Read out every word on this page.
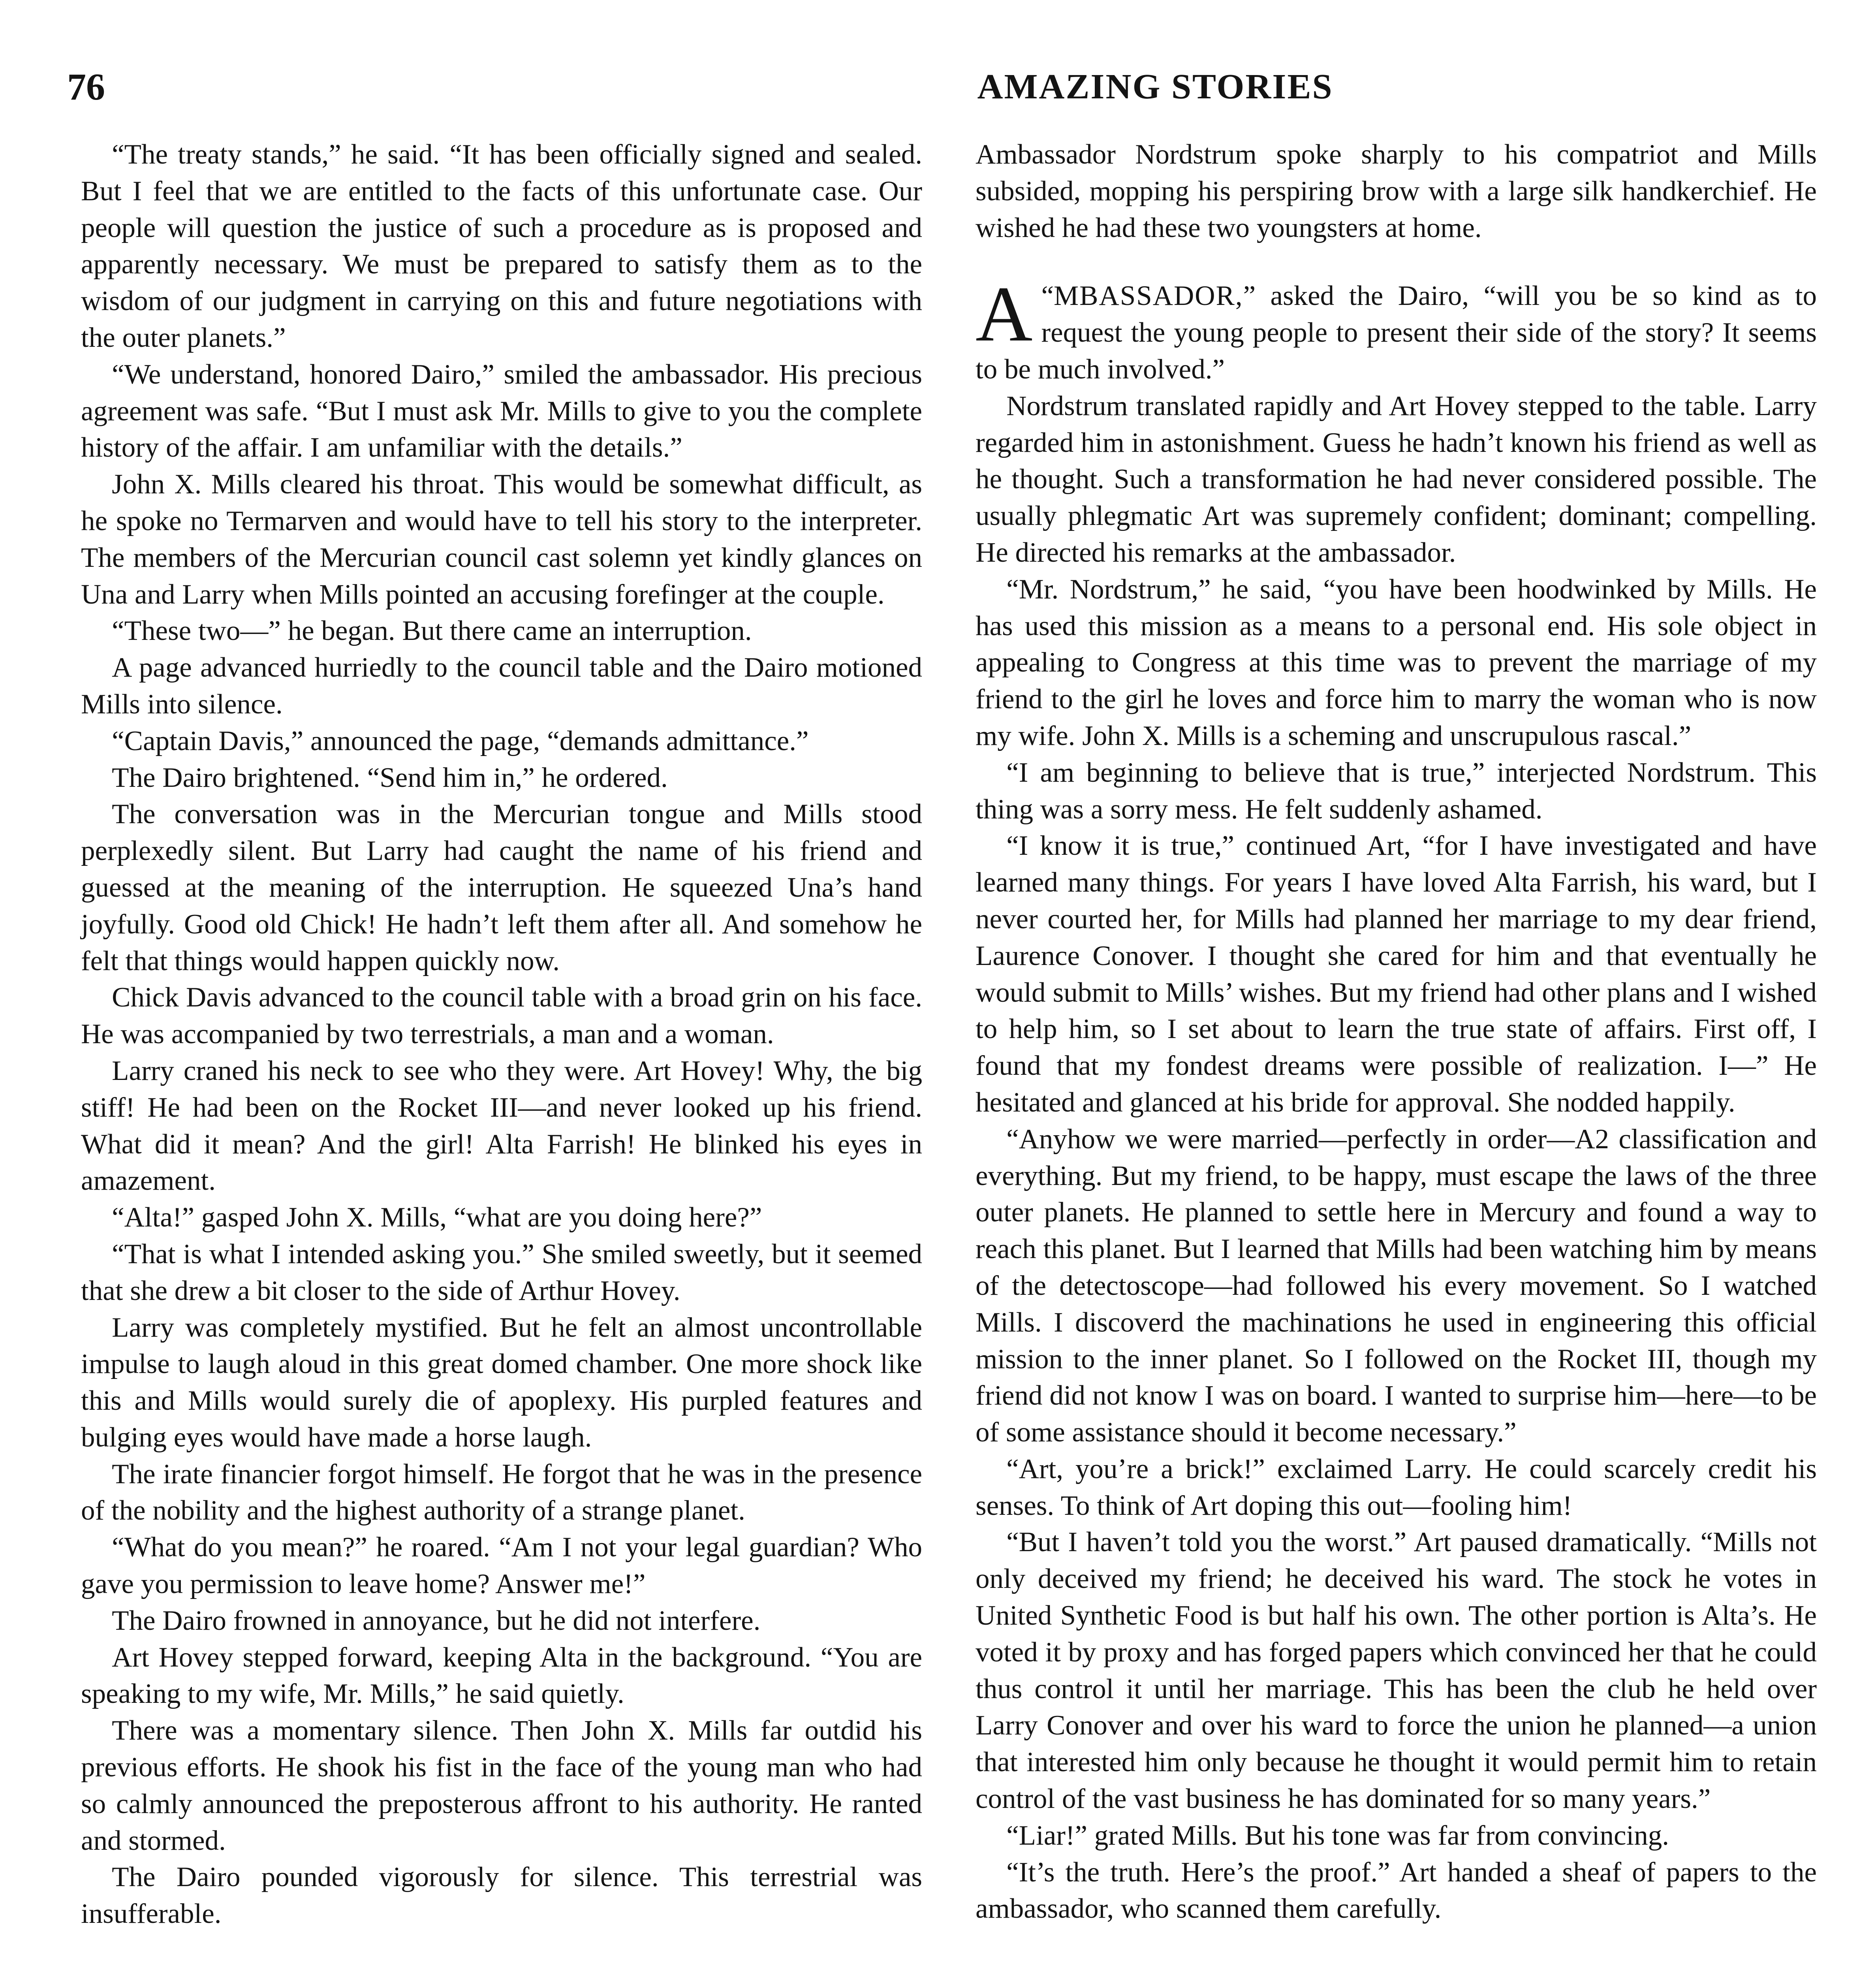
76	AMAZING STORIES

“The treaty stands,” he said. “It has been officially signed and sealed. But I feel that we are entitled to the facts of this unfortunate case. Our people will question the justice of such a procedure as is proposed and apparently necessary. We must be prepared to satisfy them as to the wisdom of our judgment in carrying on this and future negotiations with the outer planets.”

“We understand, honored Dairo,” smiled the ambassador. His precious agreement was safe. “But I must ask Mr. Mills to give to you the complete history of the affair. I am unfamiliar with the details.”

John X. Mills cleared his throat. This would be somewhat difficult, as he spoke no Termarven and would have to tell his story to the interpreter. The members of the Mercurian council cast solemn yet kindly glances on Una and Larry when Mills pointed an accusing forefinger at the couple.

“These two—” he began. But there came an interruption.

A page advanced hurriedly to the council table and the Dairo motioned Mills into silence.

“Captain Davis,” announced the page, “demands admittance.”

The Dairo brightened. “Send him in,” he ordered.

The conversation was in the Mercurian tongue and Mills stood perplexedly silent. But Larry had caught the name of his friend and guessed at the meaning of the interruption. He squeezed Una’s hand joyfully. Good old Chick! He hadn’t left them after all. And somehow he felt that things would happen quickly now.

Chick Davis advanced to the council table with a broad grin on his face. He was accompanied by two terrestrials, a man and a woman.

Larry craned his neck to see who they were. Art Hovey! Why, the big stiff! He had been on the Rocket III—and never looked up his friend. What did it mean? And the girl! Alta Farrish! He blinked his eyes in amazement.

“Alta!” gasped John X. Mills, “what are you doing here?”

“That is what I intended asking you.” She smiled sweetly, but it seemed that she drew a bit closer to the side of Arthur Hovey.

Larry was completely mystified. But he felt an almost uncontrollable impulse to laugh aloud in this great domed chamber. One more shock like this and Mills would surely die of apoplexy. His purpled features and bulging eyes would have made a horse laugh.

The irate financier forgot himself. He forgot that he was in the presence of the nobility and the highest authority of a strange planet.

“What do you mean?” he roared. “Am I not your legal guardian? Who gave you permission to leave home? Answer me!”

The Dairo frowned in annoyance, but he did not interfere.

Art Hovey stepped forward, keeping Alta in the background. “You are speaking to my wife, Mr. Mills,” he said quietly.

There was a momentary silence. Then John X. Mills far outdid his previous efforts. He shook his fist in the face of the young man who had so calmly announced the preposterous affront to his authority. He ranted and stormed.

The Dairo pounded vigorously for silence. This terrestrial was insufferable.

Ambassador Nordstrum spoke sharply to his compatriot and Mills subsided, mopping his perspiring brow with a large silk handkerchief. He wished he had these two youngsters at home.

“
A MBASSADOR,” asked the Dairo, “will you be so kind as to request the young people to present their side of the story? It seems to be much involved.”

Nordstrum translated rapidly and Art Hovey stepped to the table. Larry regarded him in astonishment. Guess he hadn’t known his friend as well as he thought. Such a transformation he had never considered possible. The usually phlegmatic Art was supremely confident; dominant; compelling. He directed his remarks at the ambassador.

“Mr. Nordstrum,” he said, “you have been hoodwinked by Mills. He has used this mission as a means to a personal end. His sole object in appealing to Congress at this time was to prevent the marriage of my friend to the girl he loves and force him to marry the woman who is now my wife. John X. Mills is a scheming and unscrupulous rascal.”

“I am beginning to believe that is true,” interjected Nordstrum. This thing was a sorry mess. He felt suddenly ashamed.

“I know it is true,” continued Art, “for I have investigated and have learned many things. For years I have loved Alta Farrish, his ward, but I never courted her, for Mills had planned her marriage to my dear friend, Laurence Conover. I thought she cared for him and that eventually he would submit to Mills’ wishes. But my friend had other plans and I wished to help him, so I set about to learn the true state of affairs. First off, I found that my fondest dreams were possible of realization. I—” He hesitated and glanced at his bride for approval. She nodded happily.

“Anyhow we were married—perfectly in order—A2 classification and everything. But my friend, to be happy, must escape the laws of the three outer planets. He planned to settle here in Mercury and found a way to reach this planet. But I learned that Mills had been watching him by means of the detectoscope—had followed his every movement. So I watched Mills. I discoverd the machinations he used in engineering this official mission to the inner planet. So I followed on the Rocket III, though my friend did not know I was on board. I wanted to surprise him—here—to be of some assistance should it become necessary.”

“Art, you’re a brick!” exclaimed Larry. He could scarcely credit his senses. To think of Art doping this out—fooling him!

“But I haven’t told you the worst.” Art paused dramatically. “Mills not only deceived my friend; he deceived his ward. The stock he votes in United Synthetic Food is but half his own. The other portion is Alta’s. He voted it by proxy and has forged papers which convinced her that he could thus control it until her marriage. This has been the club he held over Larry Conover and over his ward to force the union he planned—a union that interested him only because he thought it would permit him to retain control of the vast business he has dominated for so many years.”

“Liar!” grated Mills. But his tone was far from convincing.

“It’s the truth. Here’s the proof.” Art handed a sheaf of papers to the ambassador, who scanned them carefully.
